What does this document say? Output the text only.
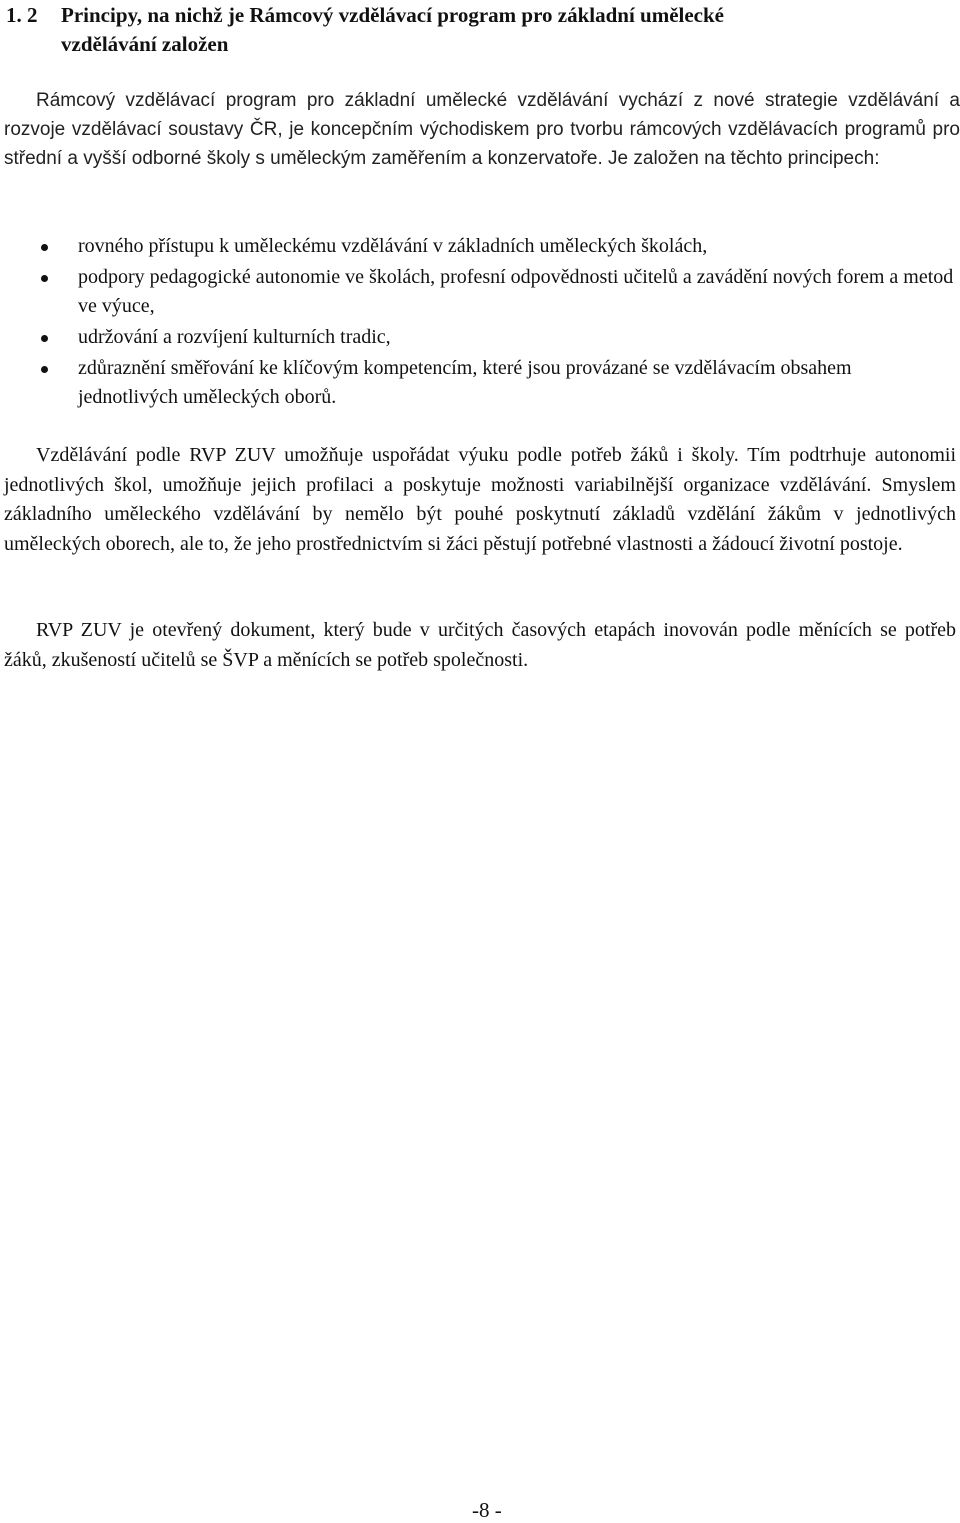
1. 2 Principy, na nichž je Rámcový vzdělávací program pro základní umělecké
vzdělávání založen

Rámcový vzdělávací program pro základní umělecké vzdělávání vychází z nové strategie vzdělávání a rozvoje vzdělávací soustavy ČR, je koncepčním východiskem pro tvorbu rámcových vzdělávacích programů pro střední a vyšší odborné školy s uměleckým zaměřením a konzervatoře. Je založen na těchto principech:

rovného přístupu k uměleckému vzdělávání v základních uměleckých školách,
podpory pedagogické autonomie ve školách, profesní odpovědnosti učitelů a zavádění nových forem a metod ve výuce,
udržování a rozvíjení kulturních tradic,
zdůraznění směřování ke klíčovým kompetencím, které jsou provázané se vzdělávacím obsahem jednotlivých uměleckých oborů.

Vzdělávání podle RVP ZUV umožňuje uspořádat výuku podle potřeb žáků i školy. Tím podtrhuje autonomii jednotlivých škol, umožňuje jejich profilaci a poskytuje možnosti variabilnější organizace vzdělávání. Smyslem základního uměleckého vzdělávání by nemělo být pouhé poskytnutí základů vzdělání žákům v jednotlivých uměleckých oborech, ale to, že jeho prostřednictvím si žáci pěstují potřebné vlastnosti a žádoucí životní postoje.

RVP ZUV je otevřený dokument, který bude v určitých časových etapách inovován podle měnících se potřeb žáků, zkušeností učitelů se ŠVP a měnících se potřeb společnosti.

-8 -
